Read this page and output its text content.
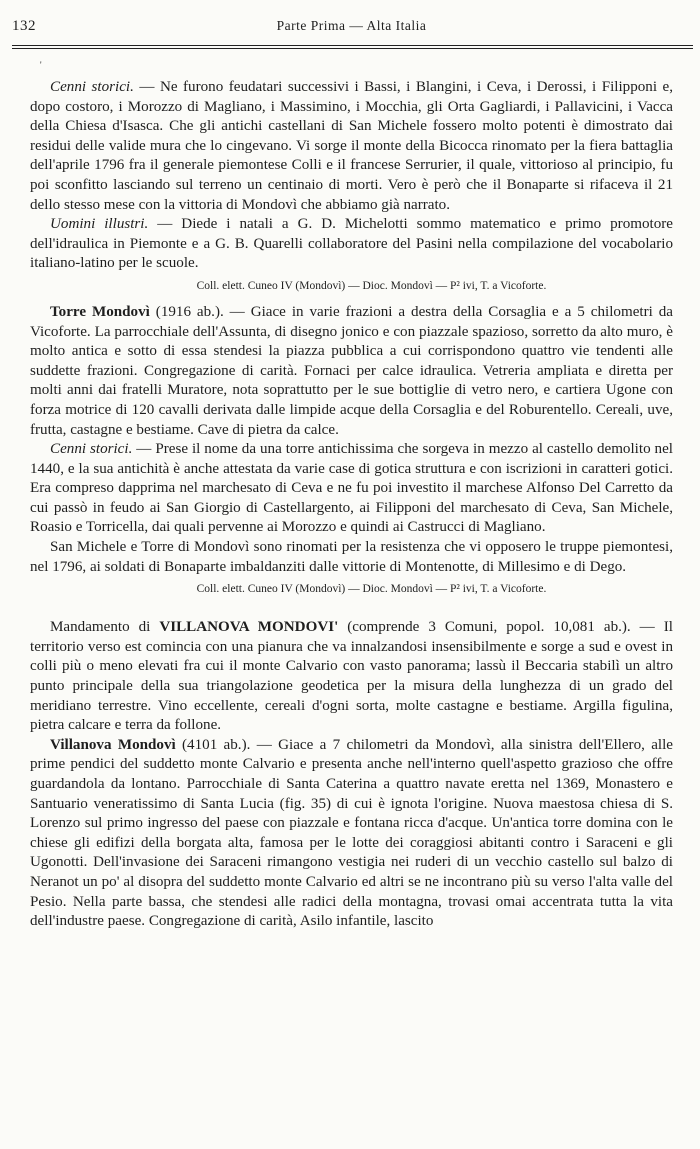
132	Parte Prima — Alta Italia
'

Cenni storici. — Ne furono feudatari successivi i Bassi, i Blangini, i Ceva, i Derossi, i Filipponi e, dopo costoro, i Morozzo di Magliano, i Massimino, i Mocchia, gli Orta Gagliardi, i Pallavicini, i Vacca della Chiesa d'Isasca. Che gli antichi castellani di San Michele fossero molto potenti è dimostrato dai residui delle valide mura che lo cingevano. Vi sorge il monte della Bicocca rinomato per la fiera battaglia dell'aprile 1796 fra il generale piemontese Colli e il francese Serrurier, il quale, vittorioso al principio, fu poi sconfitto lasciando sul terreno un centinaio di morti. Vero è però che il Bonaparte si rifaceva il 21 dello stesso mese con la vittoria di Mondovì che abbiamo già narrato.

Uomini illustri. — Diede i natali a G. D. Michelotti sommo matematico e primo promotore dell'idraulica in Piemonte e a G. B. Quarelli collaboratore del Pasini nella compilazione del vocabolario italiano-latino per le scuole.

Coll. elett. Cuneo IV (Mondovì) — Dioc. Mondovì — P² ivi, T. a Vicoforte.

Torre Mondovì (1916 ab.). — Giace in varie frazioni a destra della Corsaglia e a 5 chilometri da Vicoforte. La parrocchiale dell'Assunta, di disegno jonico e con piazzale spazioso, sorretto da alto muro, è molto antica e sotto di essa stendesi la piazza pubblica a cui corrispondono quattro vie tendenti alle suddette frazioni. Congregazione di carità. Fornaci per calce idraulica. Vetreria ampliata e diretta per molti anni dai fratelli Muratore, nota soprattutto per le sue bottiglie di vetro nero, e cartiera Ugone con forza motrice di 120 cavalli derivata dalle limpide acque della Corsaglia e del Roburentello. Cereali, uve, frutta, castagne e bestiame. Cave di pietra da calce.

Cenni storici. — Prese il nome da una torre antichissima che sorgeva in mezzo al castello demolito nel 1440, e la sua antichità è anche attestata da varie case di gotica struttura e con iscrizioni in caratteri gotici. Era compreso dapprima nel marchesato di Ceva e ne fu poi investito il marchese Alfonso Del Carretto da cui passò in feudo ai San Giorgio di Castellargento, ai Filipponi del marchesato di Ceva, San Michele, Roasio e Torricella, dai quali pervenne ai Morozzo e quindi ai Castrucci di Magliano.

San Michele e Torre di Mondovì sono rinomati per la resistenza che vi opposero le truppe piemontesi, nel 1796, ai soldati di Bonaparte imbaldanziti dalle vittorie di Montenotte, di Millesimo e di Dego.

Coll. elett. Cuneo IV (Mondovì) — Dioc. Mondovì — P² ivi, T. a Vicoforte.

Mandamento di VILLANOVA MONDOVI' (comprende 3 Comuni, popol. 10,081 ab.). — Il territorio verso est comincia con una pianura che va innalzandosi insensibilmente e sorge a sud e ovest in colli più o meno elevati fra cui il monte Calvario con vasto panorama; lassù il Beccaria stabilì un altro punto principale della sua triangolazione geodetica per la misura della lunghezza di un grado del meridiano terrestre. Vino eccellente, cereali d'ogni sorta, molte castagne e bestiame. Argilla figulina, pietra calcare e terra da follone.

Villanova Mondovì (4101 ab.). — Giace a 7 chilometri da Mondovì, alla sinistra dell'Ellero, alle prime pendici del suddetto monte Calvario e presenta anche nell'interno quell'aspetto grazioso che offre guardandola da lontano. Parrocchiale di Santa Caterina a quattro navate eretta nel 1369, Monastero e Santuario veneratissimo di Santa Lucia (fig. 35) di cui è ignota l'origine. Nuova maestosa chiesa di S. Lorenzo sul primo ingresso del paese con piazzale e fontana ricca d'acque. Un'antica torre domina con le chiese gli edifizi della borgata alta, famosa per le lotte dei coraggiosi abitanti contro i Saraceni e gli Ugonotti. Dell'invasione dei Saraceni rimangono vestigia nei ruderi di un vecchio castello sul balzo di Neranot un po' al disopra del suddetto monte Calvario ed altri se ne incontrano più su verso l'alta valle del Pesio. Nella parte bassa, che stendesi alle radici della montagna, trovasi omai accentrata tutta la vita dell'industre paese. Congregazione di carità, Asilo infantile, lascito
